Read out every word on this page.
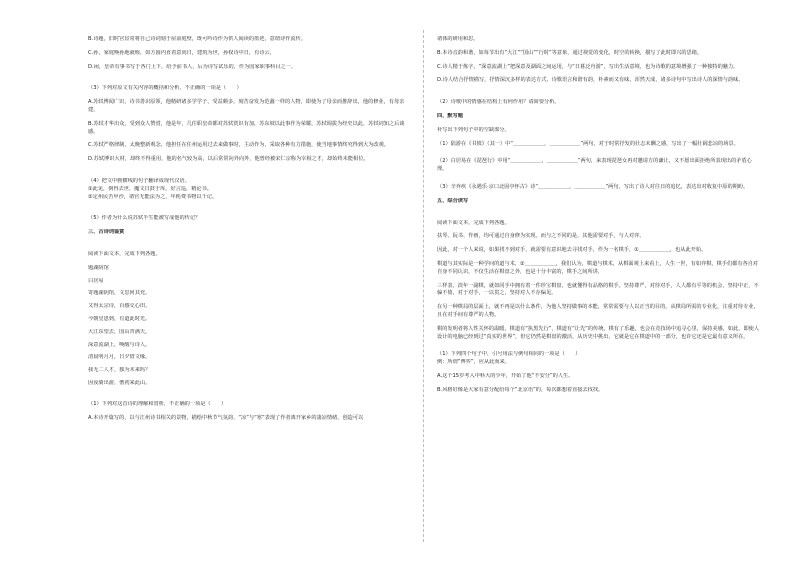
B.诗题，旧时宫宦常将自己诗词刻于屋前庭壁，既可吟诗作为供人阅读的墨迹，意谓诗作流传。
C.孙，家庭唤孙地就称，如方圆内直着意尚日，建筑为世，孙权诗中日，有诗云，
D.闲，皇帝有事书写于各门上下，给予前书人，后为诗写试乐的，作为国家职事科目之一。
（3）下列对原文有关内容的概括和分析，不正确的一项是（　　）
A.苏轼博闻广识，诗书善识原领，他精研诸多学学子，受益颇多，刻苦奋发为范蠡一样的人物，即使为了母亲而推辞出，他的修业，有母亲建。
B.苏轼才华出众，受到众人赞赏，他是年，几任职皇帝都对苏轼赏识有加，苏东坡以此事作为荣耀，苏轼调拔为经史以此，苏轼词知之后谈感。
C.苏轼严格律制，太晚整新观念，他担任在任州运用过去来做事时，主动作为，采取各种有力措施，使当地事情终究得到大为改观。
D.苏轼博识大材，却终不得重用，他的名气较为高，以后常常向外向外，他曾经被宋仁宗称为宰相之才，却始终未能相位。
（4）把文中画横线的句子翻译成现代汉语。
①此见，倒得去世，魔文日鼓于库，好言巡，精论书。
②定州民苦甲沙，诸官无能法为之，年耗费书物以千记。
（5）作者为什么说苏轼半生能被写成他的传记？
三、古诗词鉴赏
阅读下面文本，完成下列各题。
题湖阴馆
白居易
寄题湖阴馆，文思何其充。
又得太宗诗，百感交心田。
今朝皇恩到，有道此时光。
大江东望去，国山青满天。
深意流湖上，唤醒与诗人。
清晨明月月，日夕惜文缘。
我无二人才，独为未来吗？
因夜骑出游，偕初来此山。
（1）下列对这首诗的理解和赏析，不正确的一项是（　　）
A.本诗开篇写的，以与江州诗书相关的景物，描绘中秋节气氛韵，“凉”与“寒”表现了作者离开家乡的凄凉情绪，创造可以
诸体的研用和思。
B.本诗音韵和谐，如每节出有“大江”“国山”“行时”等意象，通过视觉的变化，时空的转换，描写了此时即兴的思绪。
C.诗人精于炼字，“深意流湖上”把深意及湖面之间运用，与“日暮泛舟游”，写出生活意境，也为诗歌的意境增强了一种独特的魅力。
D.诗人结合抒情描写，抒情深沉多样的表达方式，诗歌语言和谐有韵，朴素而又有味，浑然天成，诸多诗句中写出诗人的深情与韵味。
（2）诗歌中的情感在结构上有何作用？请简要分析。
四、默写题
补写出下列句子中的空缺部分。
（1）陆游在《书愤》（其一）中“＿＿＿＿＿＿，＿＿＿＿＿＿”两句，对于时常抒发的壮志未酬之感，写出了一幅壮阔悲凉的场景。
（2）白居易在《琵琶行》中用“＿＿＿＿＿＿，＿＿＿＿＿＿”两句，来表现琵琶女再对邀请方的谦让，又不愿出面拒绝所表现出的矛盾心理。
（3）辛弃疾《永遇乐·京口北固亭怀古》诗“＿＿＿＿＿＿，＿＿＿＿＿＿”两句，写出了诗人对往日的追忆，表达出对收复中原的期盼。
五、综合读写
阅读下面文本，完成下列各题。
扶琴、阮书、作画，均可通过自身修为实现。而与之不同的是，其他需要对手，与人对弈。
因此，对一个人来说，如果找不到对手，就需要有意识地去寻找对手，作为一名棋手，①＿＿＿＿＿＿，也从此开始。
棋道与其实际是一种学问的道与术，②＿＿＿＿＿＿，我们认为，棋道与棋术，从棋面观上来看上，人生一世，有如弈棋，棋手们都有各自对自身不同认识，不仅生活在棋盘之外，也是十分丰富的，棋手之间所讲，
三样表，淡年一副棋，就如同手中拥有着一件珍宝棋盘，也就懂得有品格的棋手。坚持尊严，对待对手，人人都有平等的机会，坚持中正，不偏不倚，对于对手，一以贯之，坚持对人不存偏见。
在另一种棋局的层面上，就不再是以什么条件，为他人坚持做事的本能，常常需要与人以正当的目的，从棋局所需的专业化，注重对待专业，且在对手间有尊严的人物。
棋的发明者将人性关怀的温暖，棋道有“执黑先行”，棋道有“让先”的传统，棋有了乐趣，也会在竞技场中追寻心里，保持美感，如此，即使人设计的电脑已经到过“真实的世界”，但它仍然是棋盘的激活，从历史中挑出，它就是它在棋道中的一部分，也许它还是它最有意义所在。
（1）下列四个句子中，引号用法与例句相同的一项是（　　）
例：所谓“博弈”，应从此而来。
A.这个15岁考入中科大的少年，开始了他“不安分”的人生。
B.风格好像是大家有意分配给每个“北京语”的，每次都想着直接去找找。
